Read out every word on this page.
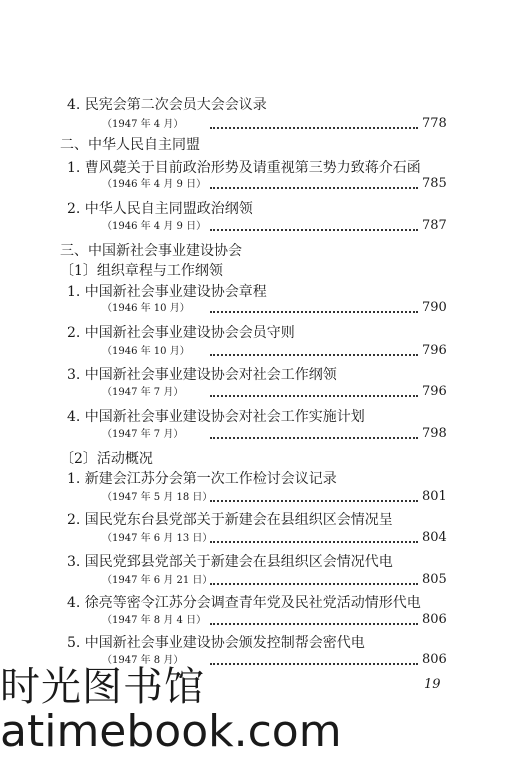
4. 民宪会第二次会员大会会议录
（1947 年 4 月）	778
二、中华人民自主同盟
1. 曹风薨关于目前政治形势及请重视第三势力致蒋介石函
（1946 年 4 月 9 日）	785
2. 中华人民自主同盟政治纲领
（1946 年 4 月 9 日）	787
三、中国新社会事业建设协会
〔1〕组织章程与工作纲领
1. 中国新社会事业建设协会章程
（1946 年 10 月）	790
2. 中国新社会事业建设协会会员守则
（1946 年 10 月）	796
3. 中国新社会事业建设协会对社会工作纲领
（1947 年 7 月）	796
4. 中国新社会事业建设协会对社会工作实施计划
（1947 年 7 月）	798
〔2〕活动概况
1. 新建会江苏分会第一次工作检讨会议记录
（1947 年 5 月 18 日）	801
2. 国民党东台县党部关于新建会在县组织区会情况呈
（1947 年 6 月 13 日）	804
3. 国民党郅县党部关于新建会在县组织区会情况代电
（1947 年 6 月 21 日）	805
4. 徐亮等密令江苏分会调查青年党及民社党活动情形代电
（1947 年 8 月 4 日）	806
5. 中国新社会事业建设协会颁发控制帮会密代电
（1947 年 8 月）	806
19
时光图书馆
atimebook.com
